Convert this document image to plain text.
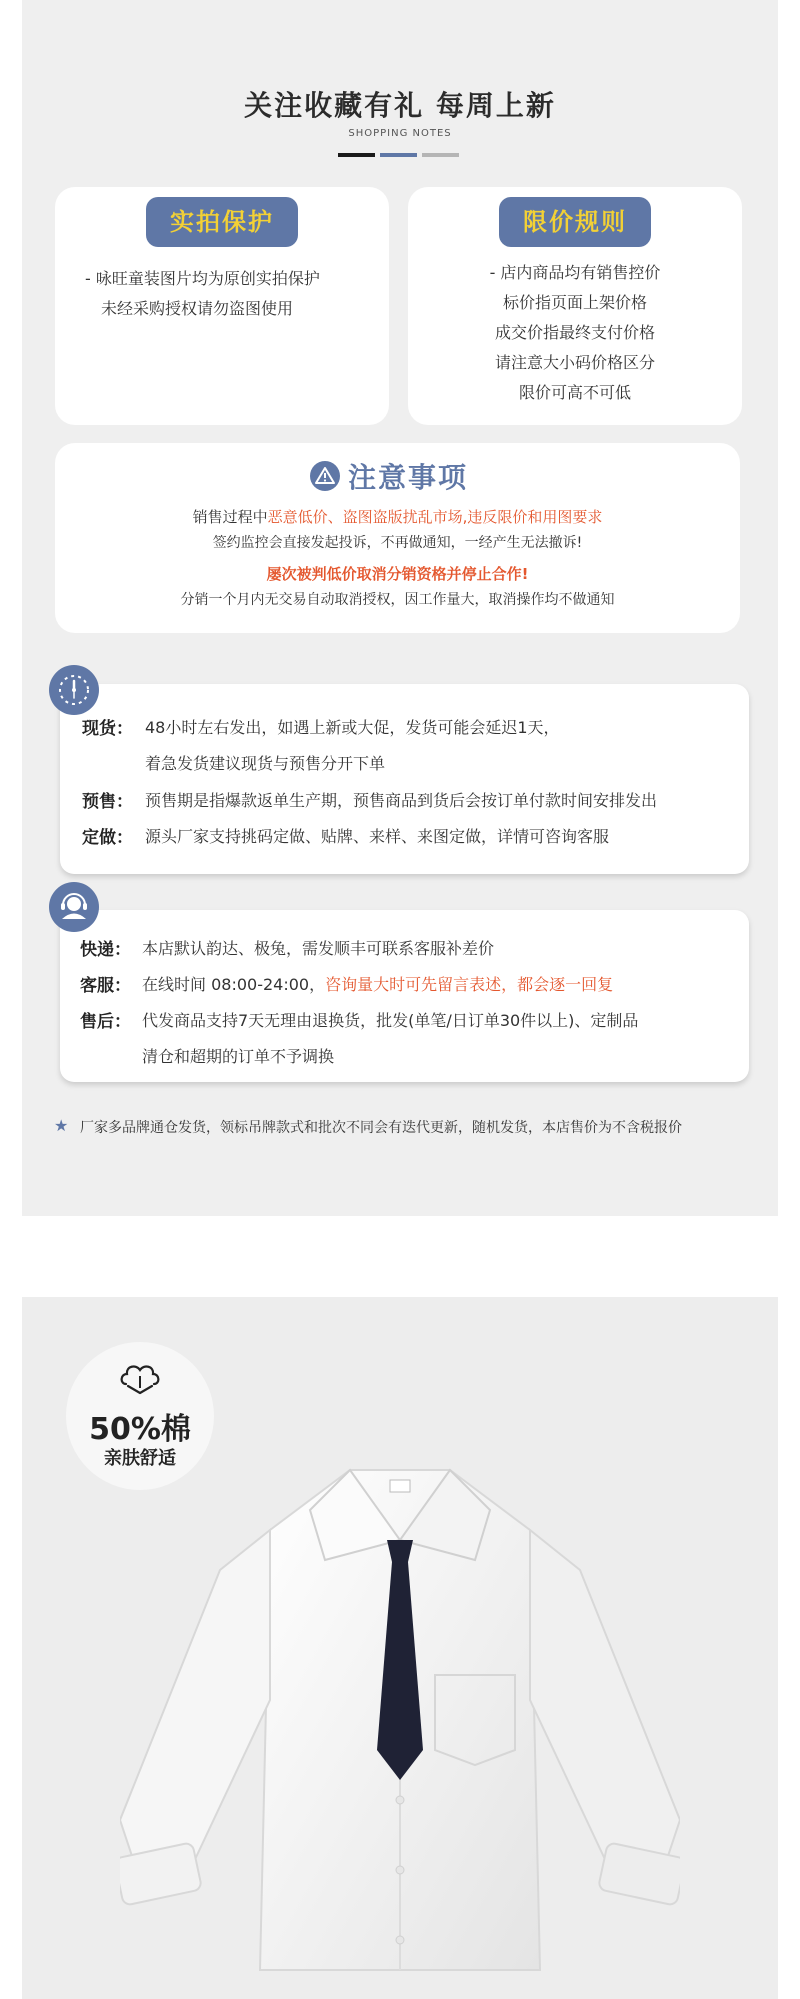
关注收藏有礼 每周上新
SHOPPING NOTES
实拍保护
- 咏旺童装图片均为原创实拍保护
未经采购授权请勿盗图使用
限价规则
- 店内商品均有销售控价
标价指页面上架价格
成交价指最终支付价格
请注意大小码价格区分
限价可高不可低
注意事项
销售过程中恶意低价、盗图盗版扰乱市场,违反限价和用图要求
签约监控会直接发起投诉，不再做通知，一经产生无法撤诉!
屡次被判低价取消分销资格并停止合作!
分销一个月内无交易自动取消授权，因工作量大，取消操作均不做通知
现货： 48小时左右发出，如遇上新或大促，发货可能会延迟1天，
着急发货建议现货与预售分开下单
预售： 预售期是指爆款返单生产期，预售商品到货后会按订单付款时间安排发出
定做： 源头厂家支持挑码定做、贴牌、来样、来图定做，详情可咨询客服
快递： 本店默认韵达、极兔，需发顺丰可联系客服补差价
客服： 在线时间 08:00-24:00，咨询量大时可先留言表述，都会逐一回复
售后： 代发商品支持7天无理由退换货，批发(单笔/日订单30件以上)、定制品
清仓和超期的订单不予调换
★ 厂家多品牌通仓发货，领标吊牌款式和批次不同会有迭代更新，随机发货，本店售价为不含税报价
50%棉
亲肤舒适
